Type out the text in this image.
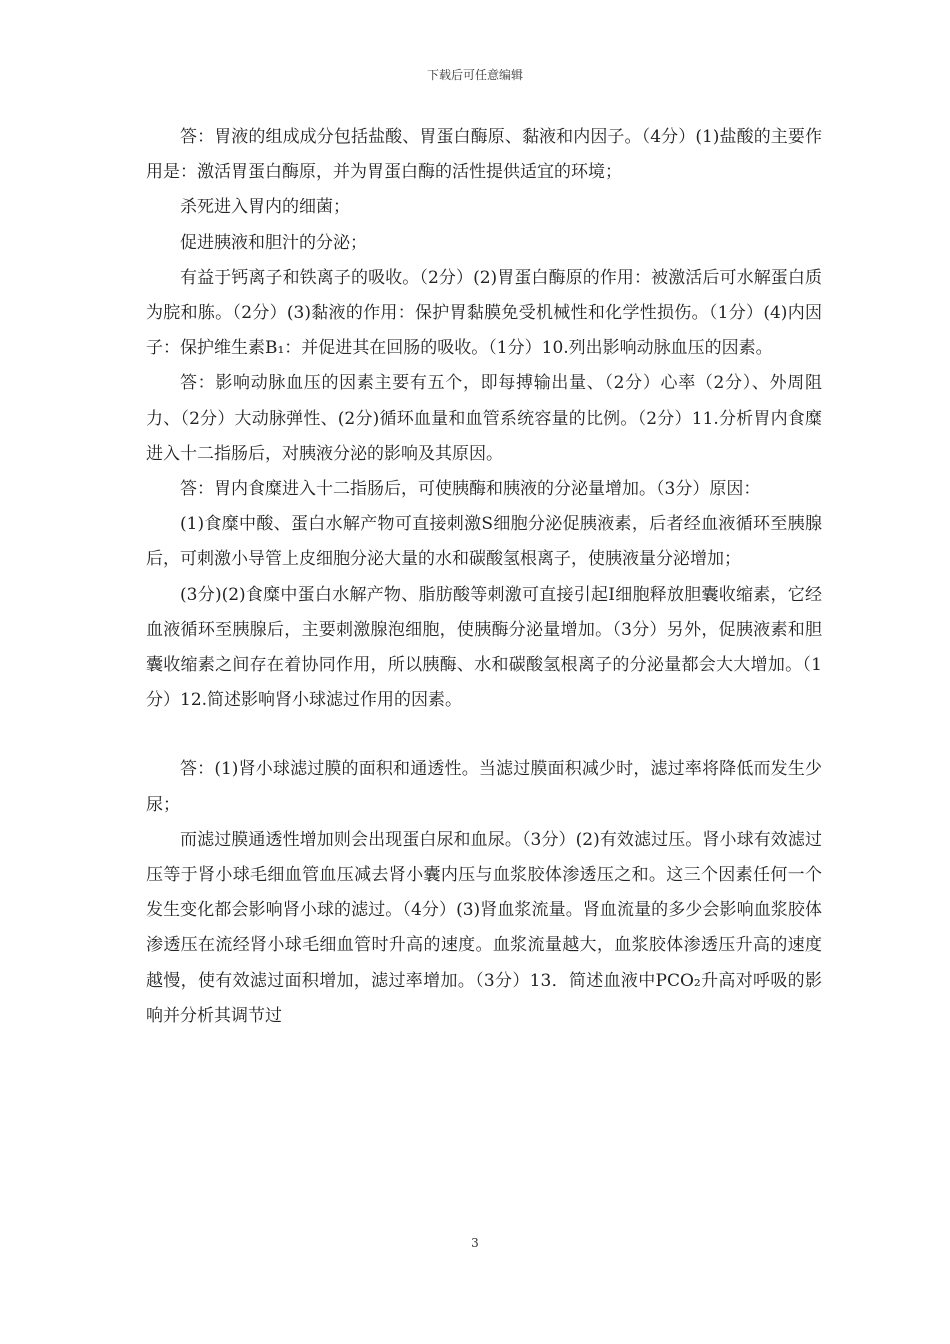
下载后可任意编辑

答：胃液的组成成分包括盐酸、胃蛋白酶原、黏液和内因子。（4分）(1)盐酸的主要作用是：激活胃蛋白酶原，并为胃蛋白酶的活性提供适宜的环境；

杀死进入胃内的细菌；

促进胰液和胆汁的分泌；

有益于钙离子和铁离子的吸收。（2分）(2)胃蛋白酶原的作用：被激活后可水解蛋白质为脘和胨。（2分）(3)黏液的作用：保护胃黏膜免受机械性和化学性损伤。（1分）(4)内因子：保护维生素B₁：并促进其在回肠的吸收。（1分）10.列出影响动脉血压的因素。

答：影响动脉血压的因素主要有五个，即每搏输出量、（2分）心率（2分）、外周阻力、（2分）大动脉弹性、(2分)循环血量和血管系统容量的比例。（2分）11.分析胃内食糜进入十二指肠后，对胰液分泌的影响及其原因。

答：胃内食糜进入十二指肠后，可使胰酶和胰液的分泌量增加。（3分）原因：

(1)食糜中酸、蛋白水解产物可直接刺激S细胞分泌促胰液素，后者经血液循环至胰腺后，可刺激小导管上皮细胞分泌大量的水和碳酸氢根离子，使胰液量分泌增加；

(3分)(2)食糜中蛋白水解产物、脂肪酸等刺激可直接引起I细胞释放胆囊收缩素，它经血液循环至胰腺后，主要刺激腺泡细胞，使胰酶分泌量增加。（3分）另外，促胰液素和胆囊收缩素之间存在着协同作用，所以胰酶、水和碳酸氢根离子的分泌量都会大大增加。（1分）12.简述影响肾小球滤过作用的因素。

答：(1)肾小球滤过膜的面积和通透性。当滤过膜面积减少时，滤过率将降低而发生少尿；

而滤过膜通透性增加则会出现蛋白尿和血尿。（3分）(2)有效滤过压。肾小球有效滤过压等于肾小球毛细血管血压减去肾小囊内压与血浆胶体渗透压之和。这三个因素任何一个发生变化都会影响肾小球的滤过。（4分）(3)肾血浆流量。肾血流量的多少会影响血浆胶体渗透压在流经肾小球毛细血管时升高的速度。血浆流量越大，血浆胶体渗透压升高的速度越慢，使有效滤过面积增加，滤过率增加。（3分）13．简述血液中PCO₂升高对呼吸的影响并分析其调节过

3
